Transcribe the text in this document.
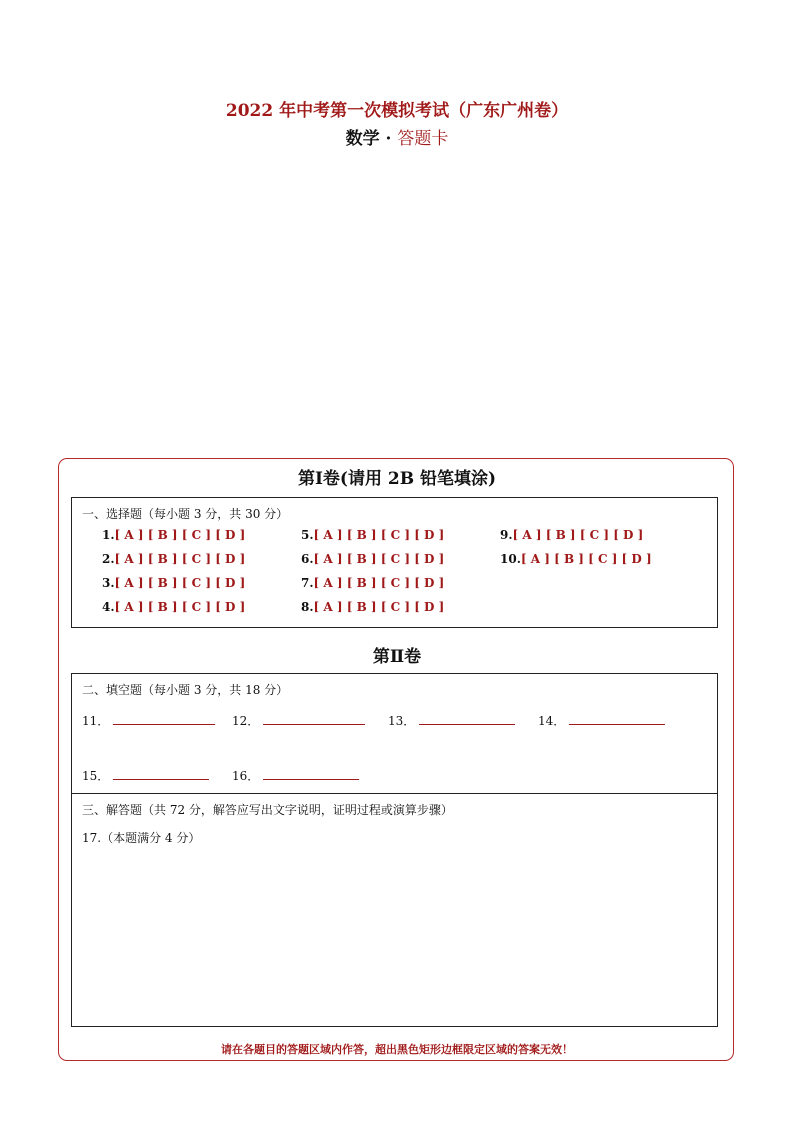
2022 年中考第一次模拟考试（广东广州卷）
数学 · 答题卡
第Ⅰ卷(请用 2B 铅笔填涂)
一、选择题（每小题 3 分，共 30 分）
1.[ A ] [ B ] [ C ] [ D ]
2.[ A ] [ B ] [ C ] [ D ]
3.[ A ] [ B ] [ C ] [ D ]
4.[ A ] [ B ] [ C ] [ D ]
5.[ A ] [ B ] [ C ] [ D ]
6.[ A ] [ B ] [ C ] [ D ]
7.[ A ] [ B ] [ C ] [ D ]
8.[ A ] [ B ] [ C ] [ D ]
9.[ A ] [ B ] [ C ] [ D ]
10.[ A ] [ B ] [ C ] [ D ]
第Ⅱ卷
二、填空题（每小题 3 分，共 18 分）
11．	12．	13．	14．
15．	16．
三、解答题（共 72 分，解答应写出文字说明，证明过程或演算步骤）
17.（本题满分 4 分）
请在各题目的答题区域内作答，超出黑色矩形边框限定区域的答案无效！
